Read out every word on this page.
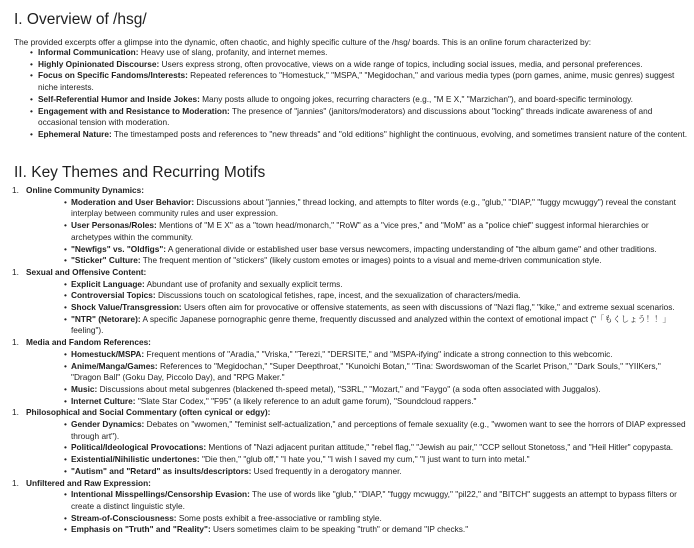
I. Overview of /hsg/
The provided excerpts offer a glimpse into the dynamic, often chaotic, and highly specific culture of the /hsg/ boards. This is an online forum characterized by:
• Informal Communication: Heavy use of slang, profanity, and internet memes.
• Highly Opinionated Discourse: Users express strong, often provocative, views on a wide range of topics, including social issues, media, and personal preferences.
• Focus on Specific Fandoms/Interests: Repeated references to "Homestuck," "MSPA," "Megidochan," and various media types (porn games, anime, music genres) suggest niche interests.
• Self-Referential Humor and Inside Jokes: Many posts allude to ongoing jokes, recurring characters (e.g., "M E X," "Marzichan"), and board-specific terminology.
• Engagement with and Resistance to Moderation: The presence of "jannies" (janitors/moderators) and discussions about "locking" threads indicate awareness of and occasional tension with moderation.
• Ephemeral Nature: The timestamped posts and references to "new threads" and "old editions" highlight the continuous, evolving, and sometimes transient nature of the content.
II. Key Themes and Recurring Motifs
1. Online Community Dynamics:
• Moderation and User Behavior: Discussions about "jannies," thread locking, and attempts to filter words (e.g., "glub," "DIAP," "fuggy mcwuggy") reveal the constant interplay between community rules and user expression.
• User Personas/Roles: Mentions of "M E X" as a "town head/monarch," "RoW" as a "vice pres," and "MoM" as a "police chief" suggest informal hierarchies or archetypes within the community.
• "Newfigs" vs. "Oldfigs": A generational divide or established user base versus newcomers, impacting understanding of "the album game" and other traditions.
• "Sticker" Culture: The frequent mention of "stickers" (likely custom emotes or images) points to a visual and meme-driven communication style.
1. Sexual and Offensive Content:
• Explicit Language: Abundant use of profanity and sexually explicit terms.
• Controversial Topics: Discussions touch on scatological fetishes, rape, incest, and the sexualization of characters/media.
• Shock Value/Transgression: Users often aim for provocative or offensive statements, as seen with discussions of "Nazi flag," "kike," and extreme sexual scenarios.
• "NTR" (Netorare): A specific Japanese pornographic genre theme, frequently discussed and analyzed within the context of emotional impact ("「もくしょう！！」 feeling").
1. Media and Fandom References:
• Homestuck/MSPA: Frequent mentions of "Aradia," "Vriska," "Terezi," "DERSITE," and "MSPA-ifying" indicate a strong connection to this webcomic.
• Anime/Manga/Games: References to "Megidochan," "Super Deepthroat," "Kunoichi Botan," "Tina: Swordswoman of the Scarlet Prison," "Dark Souls," "YIIKers," "Dragon Ball" (Goku Day, Piccolo Day), and "RPG Maker."
• Music: Discussions about metal subgenres (blackened th-speed metal), "S3RL," "Mozart," and "Faygo" (a soda often associated with Juggalos).
• Internet Culture: "Slate Star Codex," "F95" (a likely reference to an adult game forum), "Soundcloud rappers."
1. Philosophical and Social Commentary (often cynical or edgy):
• Gender Dynamics: Debates on "wwomen," "feminist self-actualization," and perceptions of female sexuality (e.g., "wwomen want to see the horrors of DIAP expressed through art").
• Political/Ideological Provocations: Mentions of "Nazi adjacent puritan attitude," "rebel flag," "Jewish au pair," "CCP sellout Stonetoss," and "Heil Hitler" copypasta.
• Existential/Nihilistic undertones: "Die then," "glub off," "I hate you," "I wish I saved my cum," "I just want to turn into metal."
• "Autism" and "Retard" as insults/descriptors: Used frequently in a derogatory manner.
1. Unfiltered and Raw Expression:
• Intentional Misspellings/Censorship Evasion: The use of words like "glub," "DIAP," "fuggy mcwuggy," "pil22," and "BITCH" suggests an attempt to bypass filters or create a distinct linguistic style.
• Stream-of-Consciousness: Some posts exhibit a free-associative or rambling style.
• Emphasis on "Truth" and "Reality": Users sometimes claim to be speaking "truth" or demand "IP checks."
